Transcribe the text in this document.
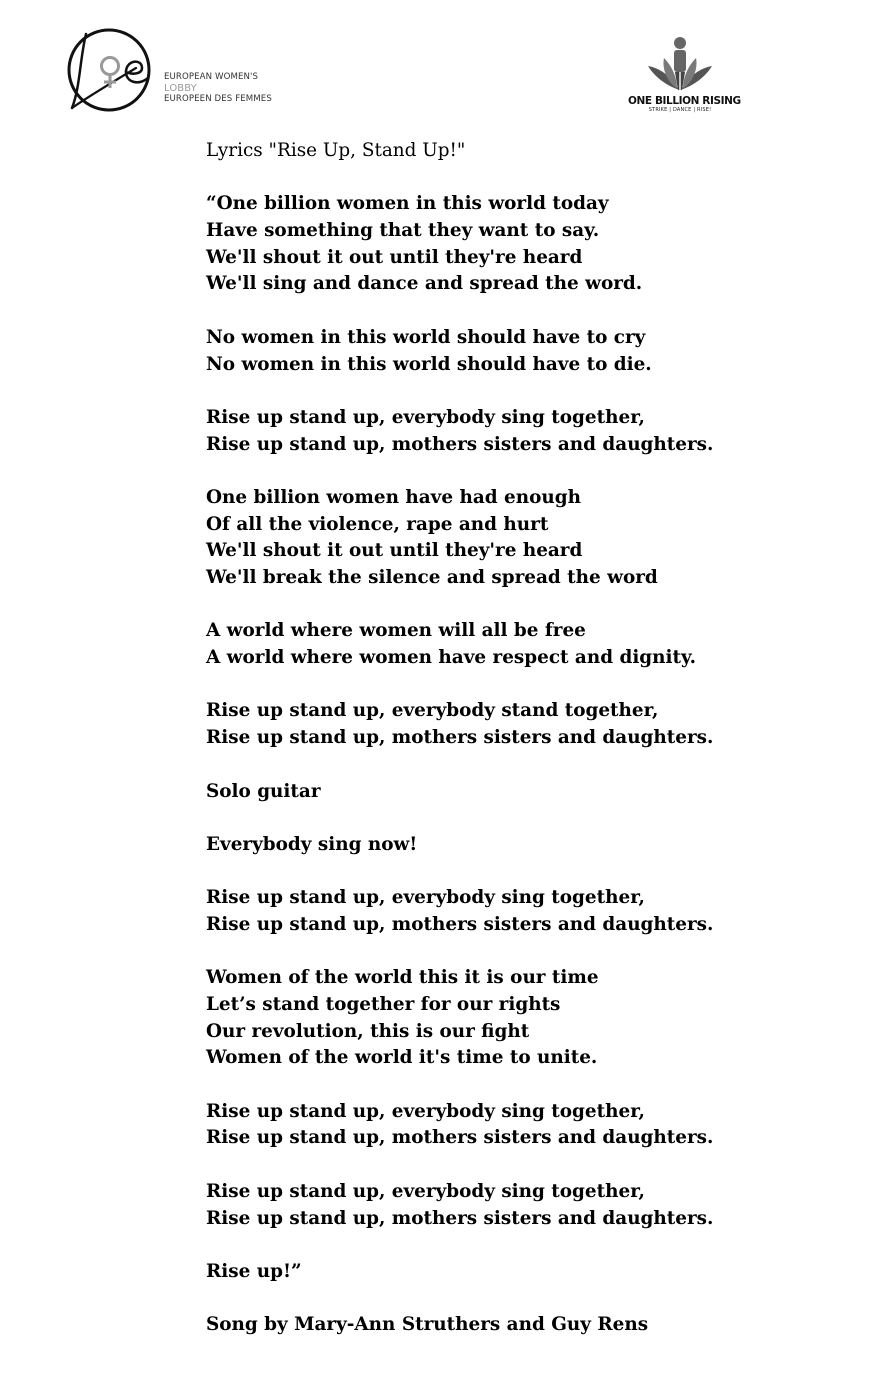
EUROPEAN WOMEN'S
LOBBY
EUROPEEN DES FEMMES	ONE BILLION RISING
STRIKE | DANCE | RISE!
Lyrics "Rise Up, Stand Up!"
“One billion women in this world today
Have something that they want to say.
We'll shout it out until they're heard
We'll sing and dance and spread the word.
No women in this world should have to cry
No women in this world should have to die.
Rise up stand up, everybody sing together,
Rise up stand up, mothers sisters and daughters.
One billion women have had enough
Of all the violence, rape and hurt
We'll shout it out until they're heard
We'll break the silence and spread the word
A world where women will all be free
A world where women have respect and dignity.
Rise up stand up, everybody stand together,
Rise up stand up, mothers sisters and daughters.
Solo guitar
Everybody sing now!
Rise up stand up, everybody sing together,
Rise up stand up, mothers sisters and daughters.
Women of the world this it is our time
Let’s stand together for our rights
Our revolution, this is our fight
Women of the world it's time to unite.
Rise up stand up, everybody sing together,
Rise up stand up, mothers sisters and daughters.
Rise up stand up, everybody sing together,
Rise up stand up, mothers sisters and daughters.
Rise up!”
Song by Mary-Ann Struthers and Guy Rens
